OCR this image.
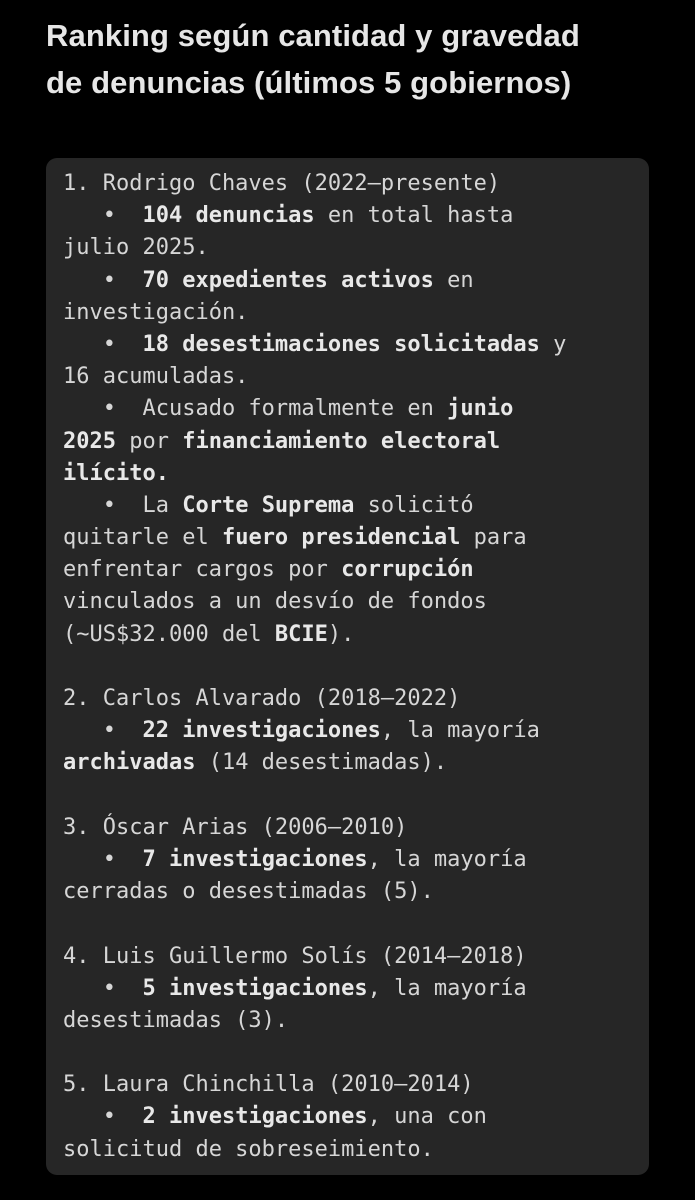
Ranking según cantidad y gravedad
de denuncias (últimos 5 gobiernos)
1. Rodrigo Chaves (2022—presente)
•  104 denuncias en total hasta
julio 2025.
•  70 expedientes activos en
investigación.
•  18 desestimaciones solicitadas y
16 acumuladas.
•  Acusado formalmente en junio
2025 por financiamiento electoral
ilícito.
•  La Corte Suprema solicitó
quitarle el fuero presidencial para
enfrentar cargos por corrupción
vinculados a un desvío de fondos
(~US$32.000 del BCIE).
2. Carlos Alvarado (2018—2022)
•  22 investigaciones, la mayoría
archivadas (14 desestimadas).
3. Óscar Arias (2006—2010)
•  7 investigaciones, la mayoría
cerradas o desestimadas (5).
4. Luis Guillermo Solís (2014—2018)
•  5 investigaciones, la mayoría
desestimadas (3).
5. Laura Chinchilla (2010—2014)
•  2 investigaciones, una con
solicitud de sobreseimiento.
